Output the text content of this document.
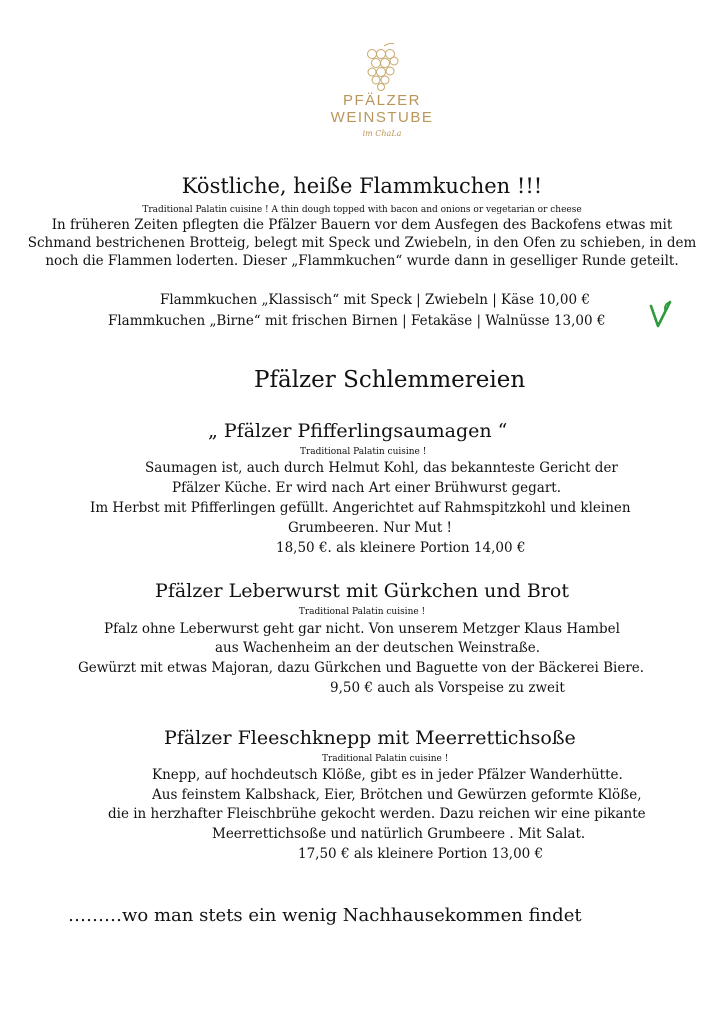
PFÄLZER
WEINSTUBE
im ChaLa
Köstliche, heiße Flammkuchen !!!
Traditional Palatin cuisine ! A thin dough topped with bacon and onions or vegetarian or cheese
In früheren Zeiten pflegten die Pfälzer Bauern vor dem Ausfegen des Backofens etwas mit
Schmand bestrichenen Brotteig, belegt mit Speck und Zwiebeln, in den Ofen zu schieben, in dem
noch die Flammen loderten. Dieser „Flammkuchen“ wurde dann in geselliger Runde geteilt.
Flammkuchen „Klassisch“ mit Speck | Zwiebeln | Käse 10,00 €
Flammkuchen „Birne“ mit frischen Birnen | Fetakäse | Walnüsse 13,00 €
Pfälzer Schlemmereien
„ Pfälzer Pfifferlingsaumagen “
Traditional Palatin cuisine !
Saumagen ist, auch durch Helmut Kohl, das bekannteste Gericht der
Pfälzer Küche. Er wird nach Art einer Brühwurst gegart.
Im Herbst mit Pfifferlingen gefüllt. Angerichtet auf Rahmspitzkohl und kleinen
Grumbeeren. Nur Mut !
18,50 €. als kleinere Portion 14,00 €
Pfälzer Leberwurst mit Gürkchen und Brot
Traditional Palatin cuisine !
Pfalz ohne Leberwurst geht gar nicht. Von unserem Metzger Klaus Hambel
aus Wachenheim an der deutschen Weinstraße.
Gewürzt mit etwas Majoran, dazu Gürkchen und Baguette von der Bäckerei Biere.
9,50 € auch als Vorspeise zu zweit
Pfälzer Fleeschknepp mit Meerrettichsoße
Traditional Palatin cuisine !
Knepp, auf hochdeutsch Klöße, gibt es in jeder Pfälzer Wanderhütte.
Aus feinstem Kalbshack, Eier, Brötchen und Gewürzen geformte Klöße,
die in herzhafter Fleischbrühe gekocht werden. Dazu reichen wir eine pikante
Meerrettichsoße und natürlich Grumbeere . Mit Salat.
17,50 € als kleinere Portion 13,00 €
………wo man stets ein wenig Nachhausekommen findet
